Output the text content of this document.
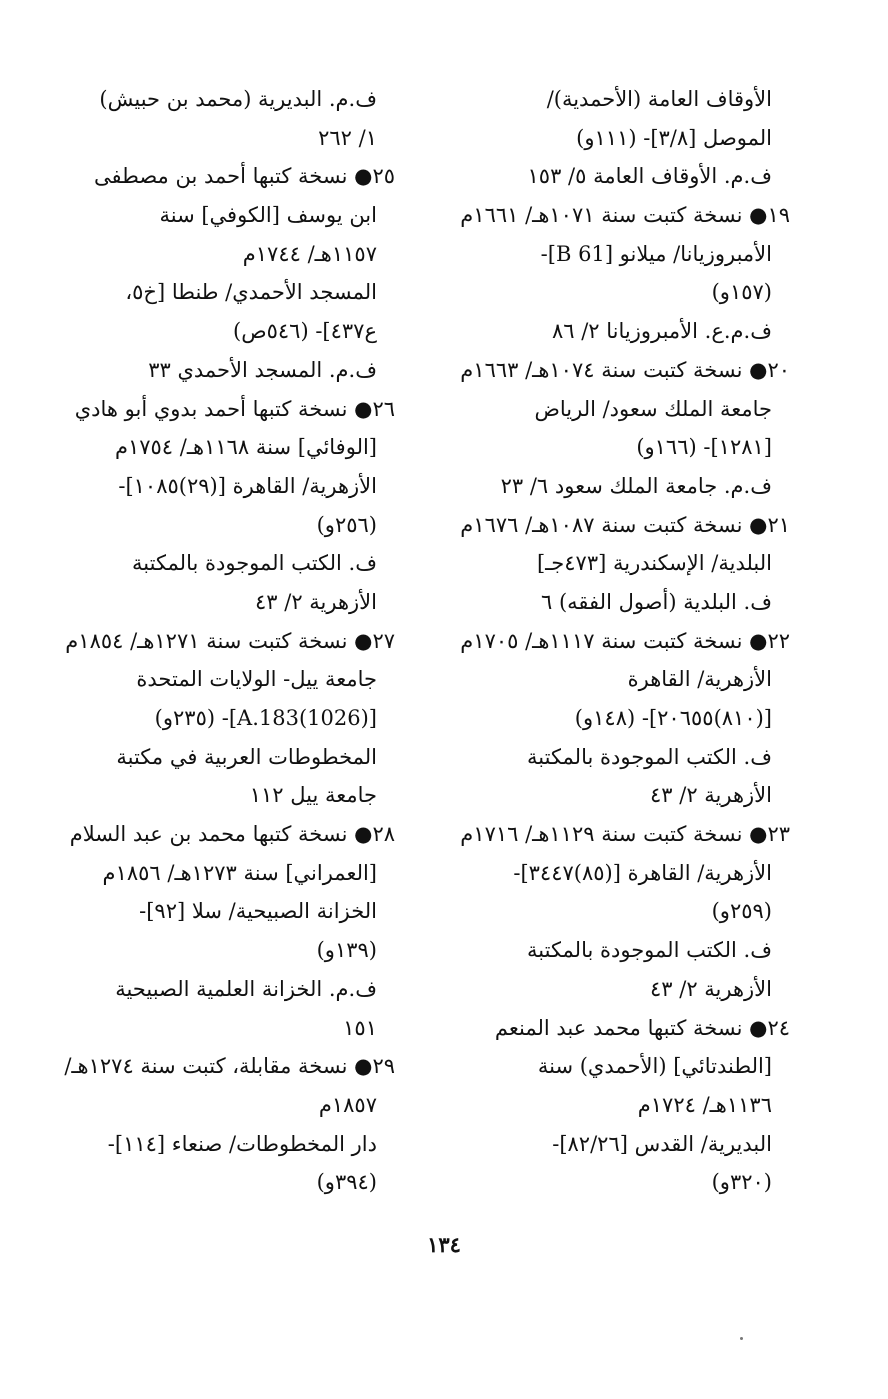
الأوقاف العامة (الأحمدية)/
الموصل [٣/٨]- (١١١و)
ف.م. الأوقاف العامة ٥/ ١٥٣
١٩● نسخة كتبت سنة ١٠٧١هـ/ ١٦٦١م
الأمبروزيانا/ ميلانو [B 61]-
(١٥٧و)
ف.م.ع. الأمبروزيانا ٢/ ٨٦
٢٠● نسخة كتبت سنة ١٠٧٤هـ/ ١٦٦٣م
جامعة الملك سعود/ الرياض
[١٢٨١]- (١٦٦و)
ف.م. جامعة الملك سعود ٦/ ٢٣
٢١● نسخة كتبت سنة ١٠٨٧هـ/ ١٦٧٦م
البلدية/ الإسكندرية [٤٧٣جـ]
ف. البلدية (أصول الفقه) ٦
٢٢● نسخة كتبت سنة ١١١٧هـ/ ١٧٠٥م
الأزهرية/ القاهرة
[(٨١٠)٢٠٦٥٥]- (١٤٨و)
ف. الكتب الموجودة بالمكتبة
الأزهرية ٢/ ٤٣
٢٣● نسخة كتبت سنة ١١٢٩هـ/ ١٧١٦م
الأزهرية/ القاهرة [(٨٥)٣٤٤٧]-
(٢٥٩و)
ف. الكتب الموجودة بالمكتبة
الأزهرية ٢/ ٤٣
٢٤● نسخة كتبها محمد عبد المنعم
[الطندتائي] (الأحمدي) سنة
١١٣٦هـ/ ١٧٢٤م
البديرية/ القدس [٨٢/٢٦]-
(٣٢٠و)
ف.م. البديرية (محمد بن حبيش)
١/ ٢٦٢
٢٥● نسخة كتبها أحمد بن مصطفى
ابن يوسف [الكوفي] سنة
١١٥٧هـ/ ١٧٤٤م
المسجد الأحمدي/ طنطا [خ٥،
ع٤٣٧]- (٥٤٦ص)
ف.م. المسجد الأحمدي ٣٣
٢٦● نسخة كتبها أحمد بدوي أبو هادي
[الوفائي] سنة ١١٦٨هـ/ ١٧٥٤م
الأزهرية/ القاهرة [(٢٩)١٠٨٥]-
(٢٥٦و)
ف. الكتب الموجودة بالمكتبة
الأزهرية ٢/ ٤٣
٢٧● نسخة كتبت سنة ١٢٧١هـ/ ١٨٥٤م
جامعة ييل- الولايات المتحدة
[A.183(1026)]- (٢٣٥و)
المخطوطات العربية في مكتبة
جامعة ييل ١١٢
٢٨● نسخة كتبها محمد بن عبد السلام
[العمراني] سنة ١٢٧٣هـ/ ١٨٥٦م
الخزانة الصبيحية/ سلا [٩٢]-
(١٣٩و)
ف.م. الخزانة العلمية الصبيحية
١٥١
٢٩● نسخة مقابلة، كتبت سنة ١٢٧٤هـ/
١٨٥٧م
دار المخطوطات/ صنعاء [١١٤]-
(٣٩٤و)
١٣٤
